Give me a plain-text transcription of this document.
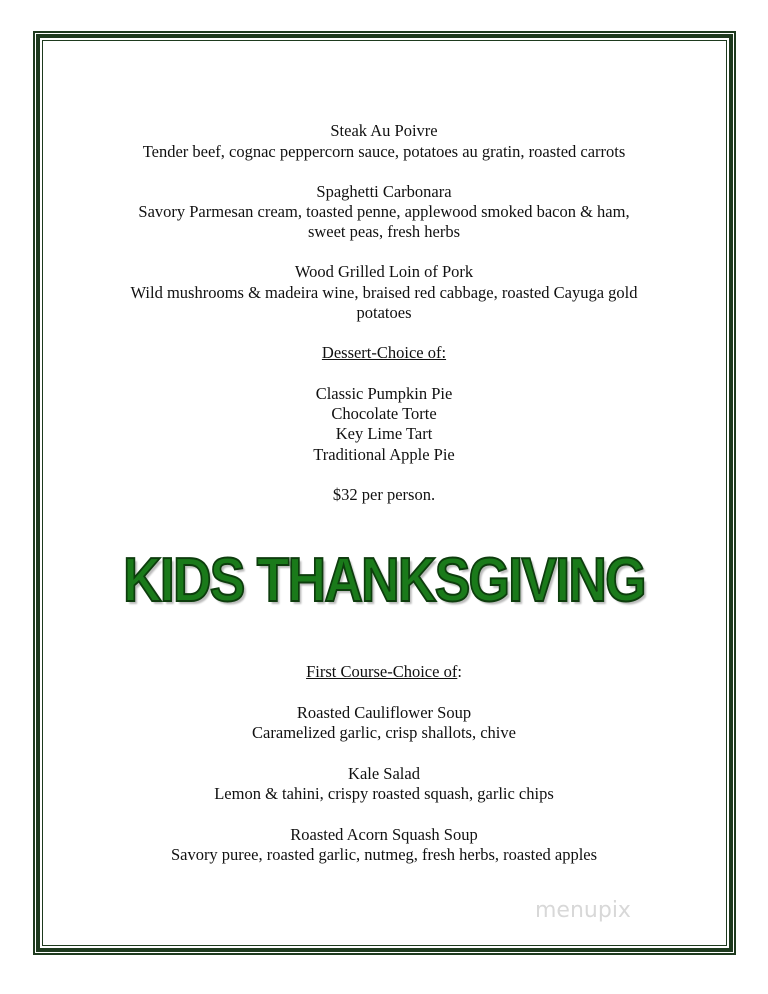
Steak Au Poivre
Tender beef, cognac peppercorn sauce, potatoes au gratin, roasted carrots
Spaghetti Carbonara
Savory Parmesan cream, toasted penne, applewood smoked bacon & ham,
sweet peas, fresh herbs
Wood Grilled Loin of Pork
Wild mushrooms & madeira wine, braised red cabbage, roasted Cayuga gold
potatoes
Dessert-Choice of:
Classic Pumpkin Pie
Chocolate Torte
Key Lime Tart
Traditional Apple Pie
$32 per person.
KIDS THANKSGIVING
First Course-Choice of:
Roasted Cauliflower Soup
Caramelized garlic, crisp shallots, chive
Kale Salad
Lemon & tahini, crispy roasted squash, garlic chips
Roasted Acorn Squash Soup
Savory puree, roasted garlic, nutmeg, fresh herbs, roasted apples
menupix
